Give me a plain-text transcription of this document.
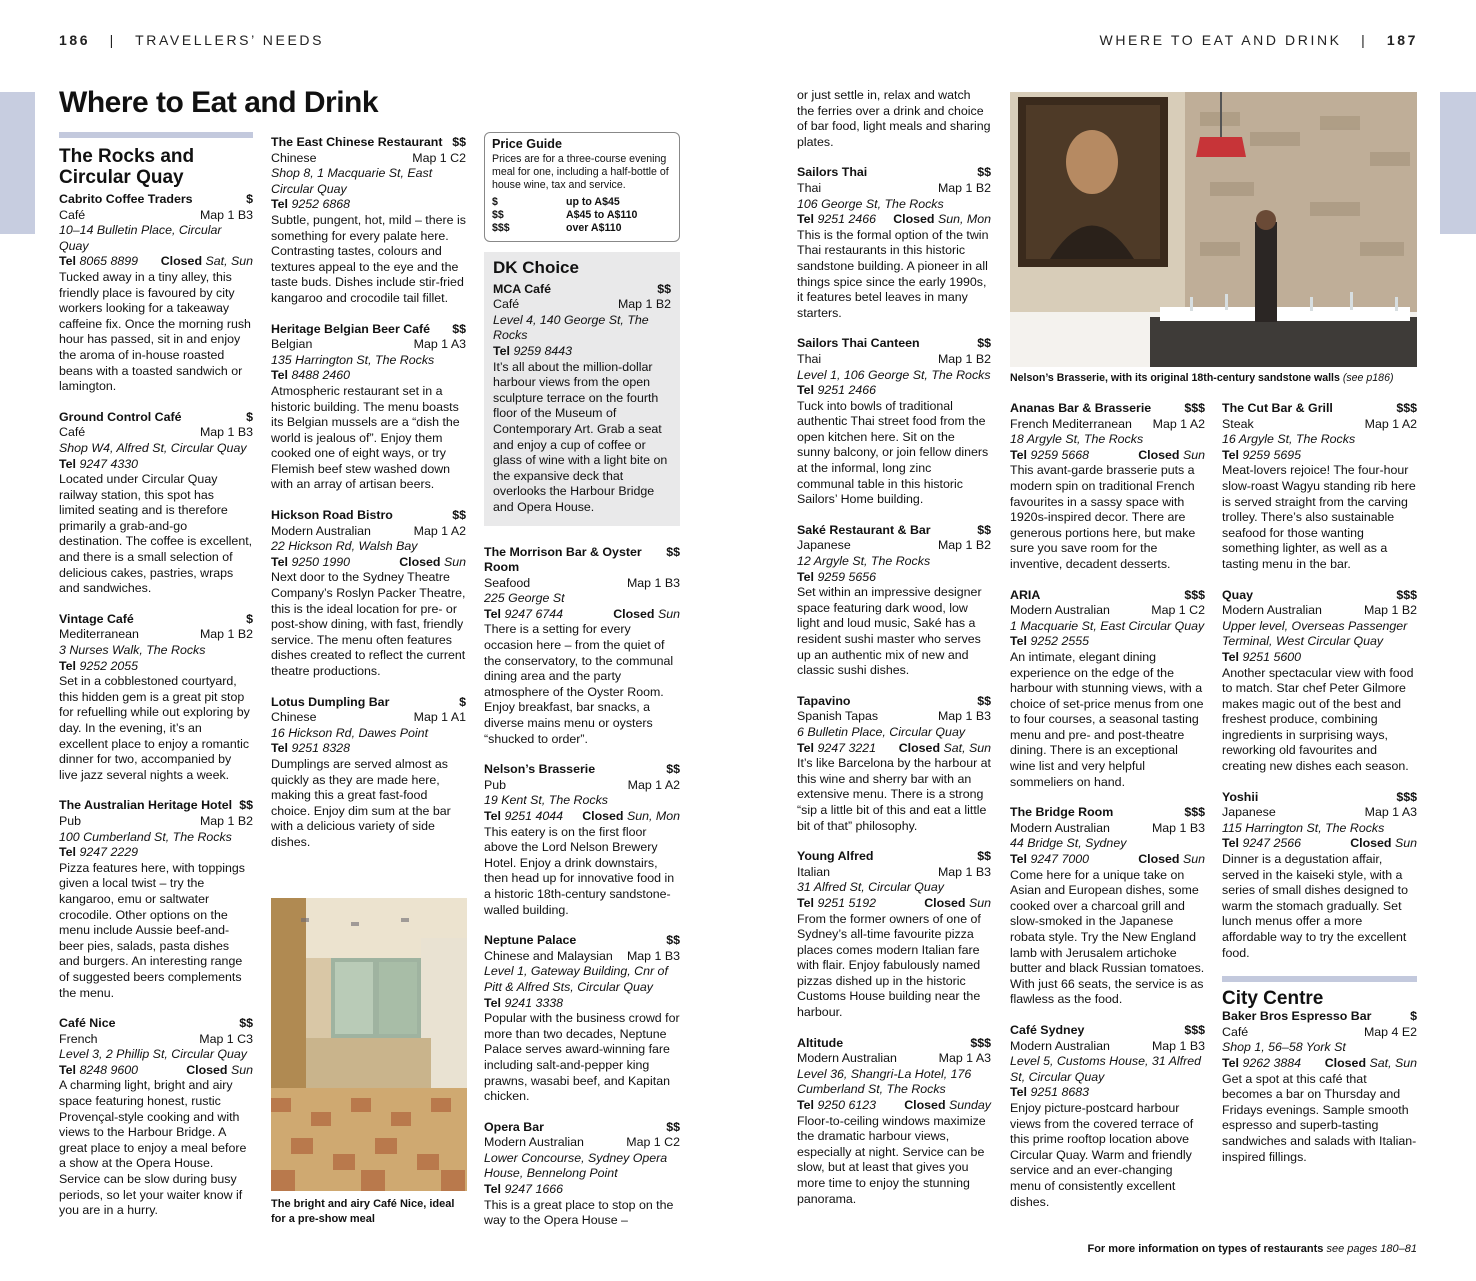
186 | TRAVELLERS’ NEEDS	WHERE TO EAT AND DRINK | 187
Where to Eat and Drink
The Rocks and Circular Quay
Cabrito Coffee Traders	$
Café	Map 1 B3
10–14 Bulletin Place, Circular Quay
Tel 8065 8899 Closed Sat, Sun
Tucked away in a tiny alley, this friendly place is favoured by city workers looking for a takeaway caffeine fix. Once the morning rush hour has passed, sit in and enjoy the aroma of in-house roasted beans with a toasted sandwich or lamington.
Ground Control Café	$
Café	Map 1 B3
Shop W4, Alfred St, Circular Quay
Tel 9247 4330
Located under Circular Quay railway station, this spot has limited seating and is therefore primarily a grab-and-go destination. The coffee is excellent, and there is a small selection of delicious cakes, pastries, wraps and sandwiches.
Vintage Café	$
Mediterranean	Map 1 B2
3 Nurses Walk, The Rocks
Tel 9252 2055
Set in a cobblestoned courtyard, this hidden gem is a great pit stop for refuelling while out exploring by day. In the evening, it’s an excellent place to enjoy a romantic dinner for two, accompanied by live jazz several nights a week.
The Australian Heritage Hotel $$
Pub	Map 1 B2
100 Cumberland St, The Rocks
Tel 9247 2229
Pizza features here, with toppings given a local twist – try the kangaroo, emu or saltwater crocodile. Other options on the menu include Aussie beef-and-beer pies, salads, pasta dishes and burgers. An interesting range of suggested beers complements the menu.
Café Nice	$$
French	Map 1 C3
Level 3, 2 Phillip St, Circular Quay
Tel 8248 9600	Closed Sun
A charming light, bright and airy space featuring honest, rustic Provençal-style cooking and with views to the Harbour Bridge. A great place to enjoy a meal before a show at the Opera House. Service can be slow during busy periods, so let your waiter know if you are in a hurry.
The East Chinese Restaurant $$
Chinese	Map 1 C2
Shop 8, 1 Macquarie St, East Circular Quay
Tel 9252 6868
Subtle, pungent, hot, mild – there is something for every palate here. Contrasting tastes, colours and textures appeal to the eye and the taste buds. Dishes include stir-fried kangaroo and crocodile tail fillet.
Heritage Belgian Beer Café $$
Belgian	Map 1 A3
135 Harrington St, The Rocks
Tel 8488 2460
Atmospheric restaurant set in a historic building. The menu boasts its Belgian mussels are a “dish the world is jealous of”. Enjoy them cooked one of eight ways, or try Flemish beef stew washed down with an array of artisan beers.
Hickson Road Bistro	$$
Modern Australian	Map 1 A2
22 Hickson Rd, Walsh Bay
Tel 9250 1990	Closed Sun
Next door to the Sydney Theatre Company’s Roslyn Packer Theatre, this is the ideal location for pre- or post-show dining, with fast, friendly service. The menu often features dishes created to reflect the current theatre productions.
Lotus Dumpling Bar	$
Chinese	Map 1 A1
16 Hickson Rd, Dawes Point
Tel 9251 8328
Dumplings are served almost as quickly as they are made here, making this a great fast-food choice. Enjoy dim sum at the bar with a delicious variety of side dishes.
The bright and airy Café Nice, ideal for a pre-show meal
Price Guide
Prices are for a three-course evening meal for one, including a half-bottle of house wine, tax and service.
$	up to A$45
$$	A$45 to A$110
$$$	over A$110
DK Choice
MCA Café	$$
Café	Map 1 B2
Level 4, 140 George St, The Rocks
Tel 9259 8443
It’s all about the million-dollar harbour views from the open sculpture terrace on the fourth floor of the Museum of Contemporary Art. Grab a seat and enjoy a cup of coffee or glass of wine with a light bite on the expansive deck that overlooks the Harbour Bridge and Opera House.
The Morrison Bar & Oyster Room
$$
Seafood	Map 1 B3
225 George St
Tel 9247 6744	Closed Sun
There is a setting for every occasion here – from the quiet of the conservatory, to the communal dining area and the party atmosphere of the Oyster Room. Enjoy breakfast, bar snacks, a diverse mains menu or oysters “shucked to order”.
Nelson’s Brasserie	$$
Pub	Map 1 A2
19 Kent St, The Rocks
Tel 9251 4044 Closed Sun, Mon
This eatery is on the first floor above the Lord Nelson Brewery Hotel. Enjoy a drink downstairs, then head up for innovative food in a historic 18th-century sandstone-walled building.
Neptune Palace	$$
Chinese and Malaysian Map 1 B3
Level 1, Gateway Building, Cnr of Pitt & Alfred Sts, Circular Quay
Tel 9241 3338
Popular with the business crowd for more than two decades, Neptune Palace serves award-winning fare including salt-and-pepper king prawns, wasabi beef, and Kapitan chicken.
Opera Bar	$$
Modern Australian	Map 1 C2
Lower Concourse, Sydney Opera House, Bennelong Point
Tel 9247 1666
This is a great place to stop on the way to the Opera House –

or just settle in, relax and watch the ferries over a drink and choice of bar food, light meals and sharing plates.

Sailors Thai	$$
Thai	Map 1 B2
106 George St, The Rocks
Tel 9251 2466 Closed Sun, Mon
This is the formal option of the twin Thai restaurants in this historic sandstone building. A pioneer in all things spice since the early 1990s, it features betel leaves in many starters.
Sailors Thai Canteen	$$
Thai	Map 1 B2
Level 1, 106 George St, The Rocks
Tel 9251 2466
Tuck into bowls of traditional authentic Thai street food from the open kitchen here. Sit on the sunny balcony, or join fellow diners at the informal, long zinc communal table in this historic Sailors’ Home building.
Saké Restaurant & Bar	$$
Japanese	Map 1 B2
12 Argyle St, The Rocks
Tel 9259 5656
Set within an impressive designer space featuring dark wood, low light and loud music, Saké has a resident sushi master who serves up an authentic mix of new and classic sushi dishes.
Tapavino	$$
Spanish Tapas	Map 1 B3
6 Bulletin Place, Circular Quay
Tel 9247 3221 Closed Sat, Sun
It’s like Barcelona by the harbour at this wine and sherry bar with an extensive menu. There is a strong “sip a little bit of this and eat a little bit of that” philosophy.
Young Alfred	$$
Italian	Map 1 B3
31 Alfred St, Circular Quay
Tel 9251 5192	Closed Sun
From the former owners of one of Sydney’s all-time favourite pizza places comes modern Italian fare with flair. Enjoy fabulously named pizzas dished up in the historic Customs House building near the harbour.
Altitude	$$$
Modern Australian	Map 1 A3
Level 36, Shangri-La Hotel, 176 Cumberland St, The Rocks
Tel 9250 6123 Closed Sunday
Floor-to-ceiling windows maximize the dramatic harbour views, especially at night. Service can be slow, but at least that gives you more time to enjoy the stunning panorama.
Nelson’s Brasserie, with its original 18th-century sandstone walls (see p186)
Ananas Bar & Brasserie	$$$
French Mediterranean Map 1 A2
18 Argyle St, The Rocks
Tel 9259 5668	Closed Sun
This avant-garde brasserie puts a modern spin on traditional French favourites in a sassy space with 1920s-inspired decor. There are generous portions here, but make sure you save room for the inventive, decadent desserts.
ARIA	$$$
Modern Australian	Map 1 C2
1 Macquarie St, East Circular Quay
Tel 9252 2555
An intimate, elegant dining experience on the edge of the harbour with stunning views, with a choice of set-price menus from one to four courses, a seasonal tasting menu and pre- and post-theatre dining. There is an exceptional wine list and very helpful sommeliers on hand.
The Bridge Room	$$$
Modern Australian	Map 1 B3
44 Bridge St, Sydney
Tel 9247 7000	Closed Sun
Come here for a unique take on Asian and European dishes, some cooked over a charcoal grill and slow-smoked in the Japanese robata style. Try the New England lamb with Jerusalem artichoke butter and black Russian tomatoes. With just 66 seats, the service is as flawless as the food.
Café Sydney	$$$
Modern Australian	Map 1 B3
Level 5, Customs House, 31 Alfred St, Circular Quay
Tel 9251 8683
Enjoy picture-postcard harbour views from the covered terrace of this prime rooftop location above Circular Quay. Warm and friendly service and an ever-changing menu of consistently excellent dishes.
The Cut Bar & Grill	$$$
Steak	Map 1 A2
16 Argyle St, The Rocks
Tel 9259 5695
Meat-lovers rejoice! The four-hour slow-roast Wagyu standing rib here is served straight from the carving trolley. There’s also sustainable seafood for those wanting something lighter, as well as a tasting menu in the bar.
Quay	$$$
Modern Australian	Map 1 B2
Upper level, Overseas Passenger Terminal, West Circular Quay
Tel 9251 5600
Another spectacular view with food to match. Star chef Peter Gilmore makes magic out of the best and freshest produce, combining ingredients in surprising ways, reworking old favourites and creating new dishes each season.
Yoshii	$$$
Japanese	Map 1 A3
115 Harrington St, The Rocks
Tel 9247 2566	Closed Sun
Dinner is a degustation affair, served in the kaiseki style, with a series of small dishes designed to warm the stomach gradually. Set lunch menus offer a more affordable way to try the excellent food.
City Centre
Baker Bros Espresso Bar	$
Café	Map 4 E2
Shop 1, 56–58 York St
Tel 9262 3884 Closed Sat, Sun
Get a spot at this café that becomes a bar on Thursday and Fridays evenings. Sample smooth espresso and superb-tasting sandwiches and salads with Italian-inspired fillings.
For more information on types of restaurants see pages 180–81
